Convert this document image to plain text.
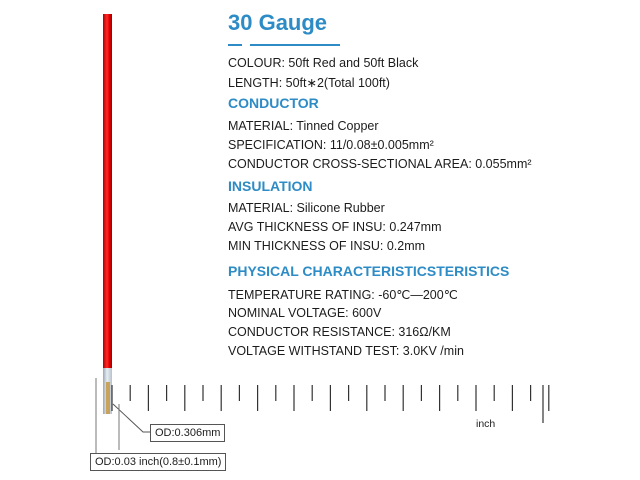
30 Gauge
COLOUR: 50ft Red and 50ft Black
LENGTH: 50ft∗2(Total 100ft)
CONDUCTOR
MATERIAL: Tinned Copper
SPECIFICATION: 11/0.08±0.005mm²
CONDUCTOR CROSS-SECTIONAL AREA: 0.055mm²
INSULATION
MATERIAL: Silicone Rubber
AVG THICKNESS OF INSU: 0.247mm
MIN THICKNESS OF INSU: 0.2mm
PHYSICAL CHARACTERISTICSTERISTICS
TEMPERATURE RATING: -60℃—200℃
NOMINAL VOLTAGE: 600V
CONDUCTOR RESISTANCE: 316Ω/KM
VOLTAGE WITHSTAND TEST: 3.0KV /min
OD:0.306mm
OD:0.03 inch(0.8±0.1mm)
inch
